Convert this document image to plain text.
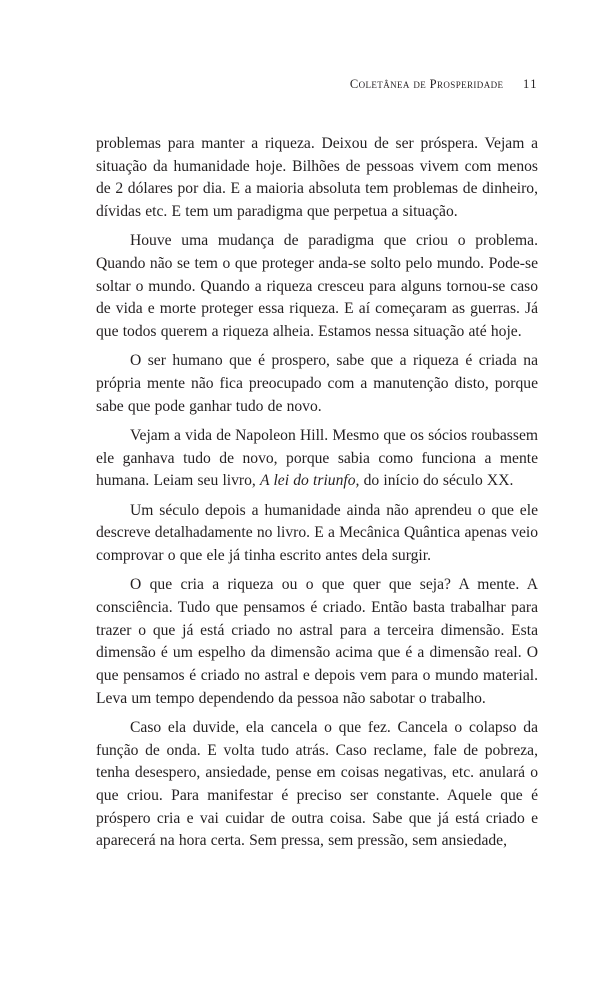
Coletânea de Prosperidade 11

problemas para manter a riqueza. Deixou de ser próspera. Vejam a situação da humanidade hoje. Bilhões de pessoas vivem com menos de 2 dólares por dia. E a maioria absoluta tem problemas de dinheiro, dívidas etc. E tem um paradigma que perpetua a situação.

Houve uma mudança de paradigma que criou o problema. Quando não se tem o que proteger anda-se solto pelo mundo. Pode-se soltar o mundo. Quando a riqueza cresceu para alguns tornou-se caso de vida e morte proteger essa riqueza. E aí começaram as guerras. Já que todos querem a riqueza alheia. Estamos nessa situação até hoje.

O ser humano que é prospero, sabe que a riqueza é criada na própria mente não fica preocupado com a manutenção disto, porque sabe que pode ganhar tudo de novo.

Vejam a vida de Napoleon Hill. Mesmo que os sócios roubassem ele ganhava tudo de novo, porque sabia como funciona a mente humana. Leiam seu livro, A lei do triunfo, do início do século XX.

Um século depois a humanidade ainda não aprendeu o que ele descreve detalhadamente no livro. E a Mecânica Quântica apenas veio comprovar o que ele já tinha escrito antes dela surgir.

O que cria a riqueza ou o que quer que seja? A mente. A consciência. Tudo que pensamos é criado. Então basta trabalhar para trazer o que já está criado no astral para a terceira dimensão. Esta dimensão é um espelho da dimensão acima que é a dimensão real. O que pensamos é criado no astral e depois vem para o mundo material. Leva um tempo dependendo da pessoa não sabotar o trabalho.

Caso ela duvide, ela cancela o que fez. Cancela o colapso da função de onda. E volta tudo atrás. Caso reclame, fale de pobreza, tenha desespero, ansiedade, pense em coisas negativas, etc. anulará o que criou. Para manifestar é preciso ser constante. Aquele que é próspero cria e vai cuidar de outra coisa. Sabe que já está criado e aparecerá na hora certa. Sem pressa, sem pressão, sem ansiedade,
